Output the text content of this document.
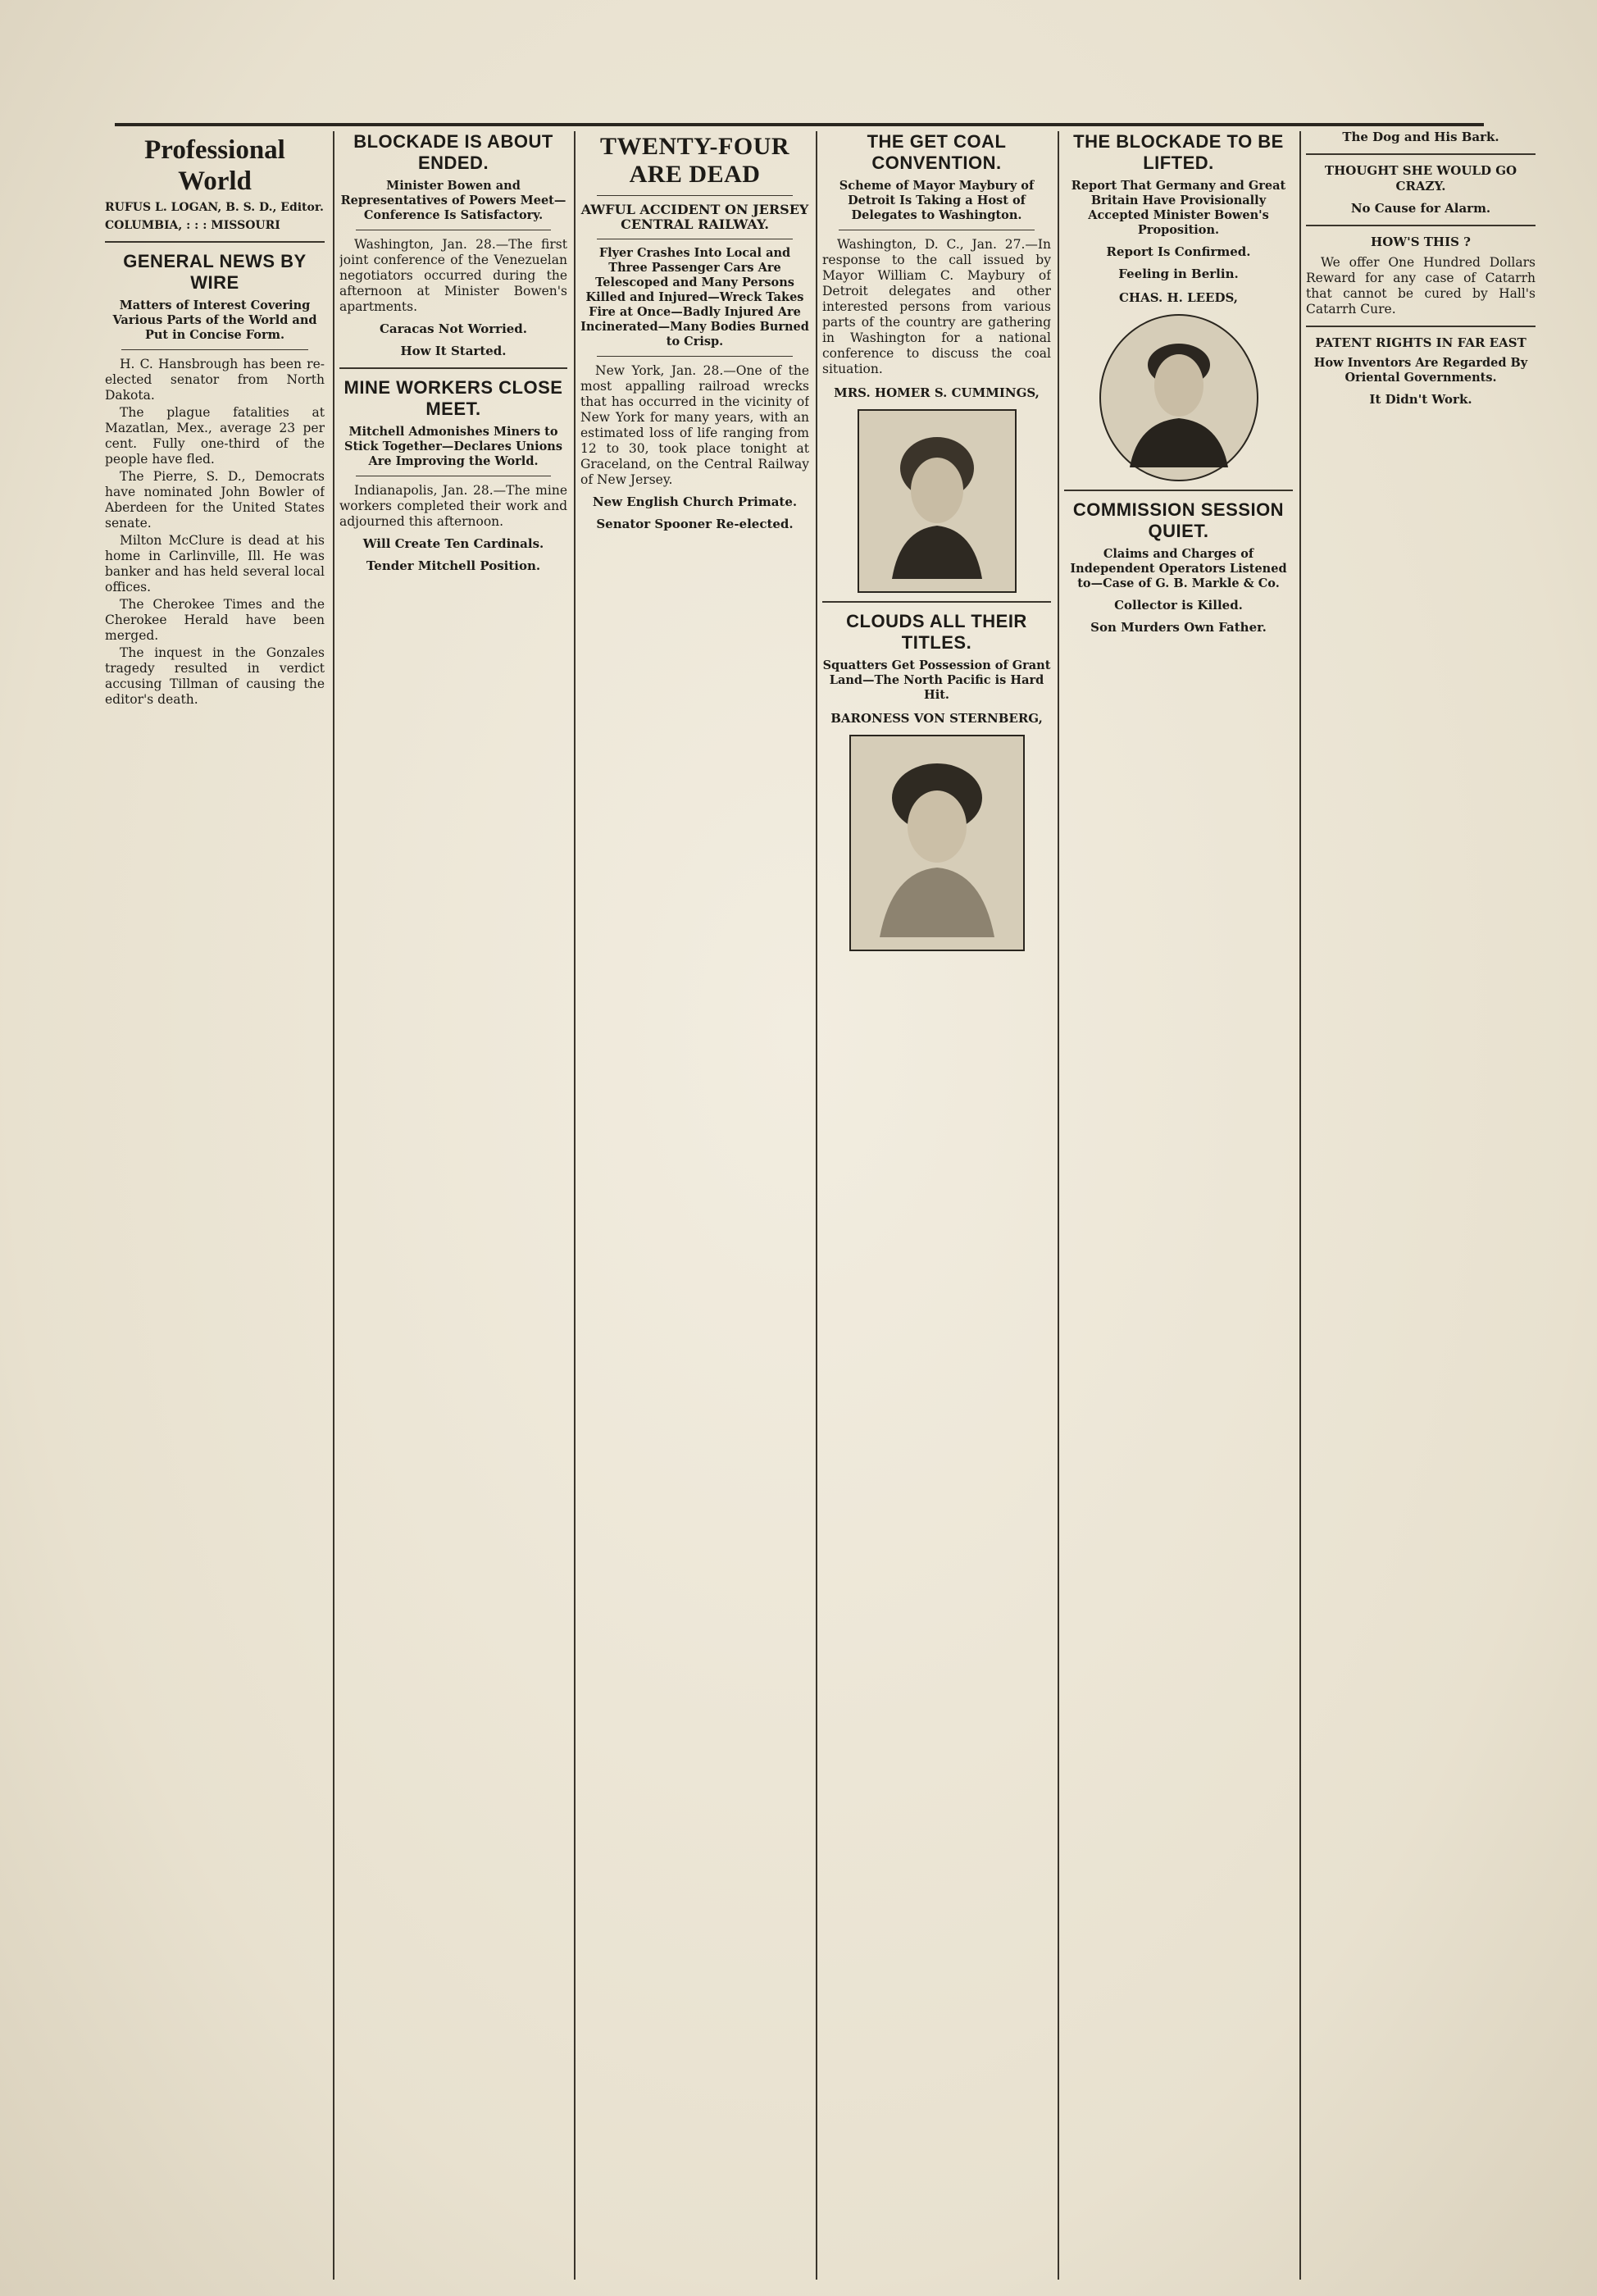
Professional World
RUFUS L. LOGAN, B. S. D., Editor.
COLUMBIA, : : : MISSOURI
GENERAL NEWS BY WIRE
Matters of Interest Covering Various Parts of the World and Put in Concise Form.

H. C. Hansbrough has been re-elected senator from North Dakota.

The plague fatalities at Mazatlan, Mex., average 23 per cent. Fully one-third of the people have fled.

The Pierre, S. D., Democrats have nominated John Bowler of Aberdeen for the United States senate.

Milton McClure is dead at his home in Carlinville, Ill. He was banker and has held several local offices.

The Cherokee Times and the Cherokee Herald have been merged.

The inquest in the Gonzales tragedy resulted in verdict accusing Tillman of causing the editor's death.

BLOCKADE IS ABOUT ENDED.
Minister Bowen and Representatives of Powers Meet—Conference Is Satisfactory.

Washington, Jan. 28.—The first joint conference of the Venezuelan negotiators occurred during the afternoon at Minister Bowen's apartments.

Caracas Not Worried.
How It Started.
MINE WORKERS CLOSE MEET.
Mitchell Admonishes Miners to Stick Together—Declares Unions Are Improving the World.

Indianapolis, Jan. 28.—The mine workers completed their work and adjourned this afternoon.

Will Create Ten Cardinals.
Tender Mitchell Position.
TWENTY-FOUR ARE DEAD
AWFUL ACCIDENT ON JERSEY CENTRAL RAILWAY.
Flyer Crashes Into Local and Three Passenger Cars Are Telescoped and Many Persons Killed and Injured—Wreck Takes Fire at Once—Badly Injured Are Incinerated—Many Bodies Burned to Crisp.

New York, Jan. 28.—One of the most appalling railroad wrecks that has occurred in the vicinity of New York for many years, with an estimated loss of life ranging from 12 to 30, took place tonight at Graceland, on the Central Railway of New Jersey.

New English Church Primate.
Senator Spooner Re-elected.
THE GET COAL CONVENTION.
Scheme of Mayor Maybury of Detroit Is Taking a Host of Delegates to Washington.

Washington, D. C., Jan. 27.—In response to the call issued by Mayor William C. Maybury of Detroit delegates and other interested persons from various parts of the country are gathering in Washington for a national conference to discuss the coal situation.

MRS. HOMER S. CUMMINGS,
CLOUDS ALL THEIR TITLES.
Squatters Get Possession of Grant Land—The North Pacific is Hard Hit.
BARONESS VON STERNBERG,
THE BLOCKADE TO BE LIFTED.
Report That Germany and Great Britain Have Provisionally Accepted Minister Bowen's Proposition.
Report Is Confirmed.
Feeling in Berlin.
CHAS. H. LEEDS,
COMMISSION SESSION QUIET.
Claims and Charges of Independent Operators Listened to—Case of G. B. Markle & Co.
Collector is Killed.
Son Murders Own Father.
The Dog and His Bark.
THOUGHT SHE WOULD GO CRAZY.
No Cause for Alarm.
HOW'S THIS ?

We offer One Hundred Dollars Reward for any case of Catarrh that cannot be cured by Hall's Catarrh Cure.

PATENT RIGHTS IN FAR EAST
How Inventors Are Regarded By Oriental Governments.
It Didn't Work.
